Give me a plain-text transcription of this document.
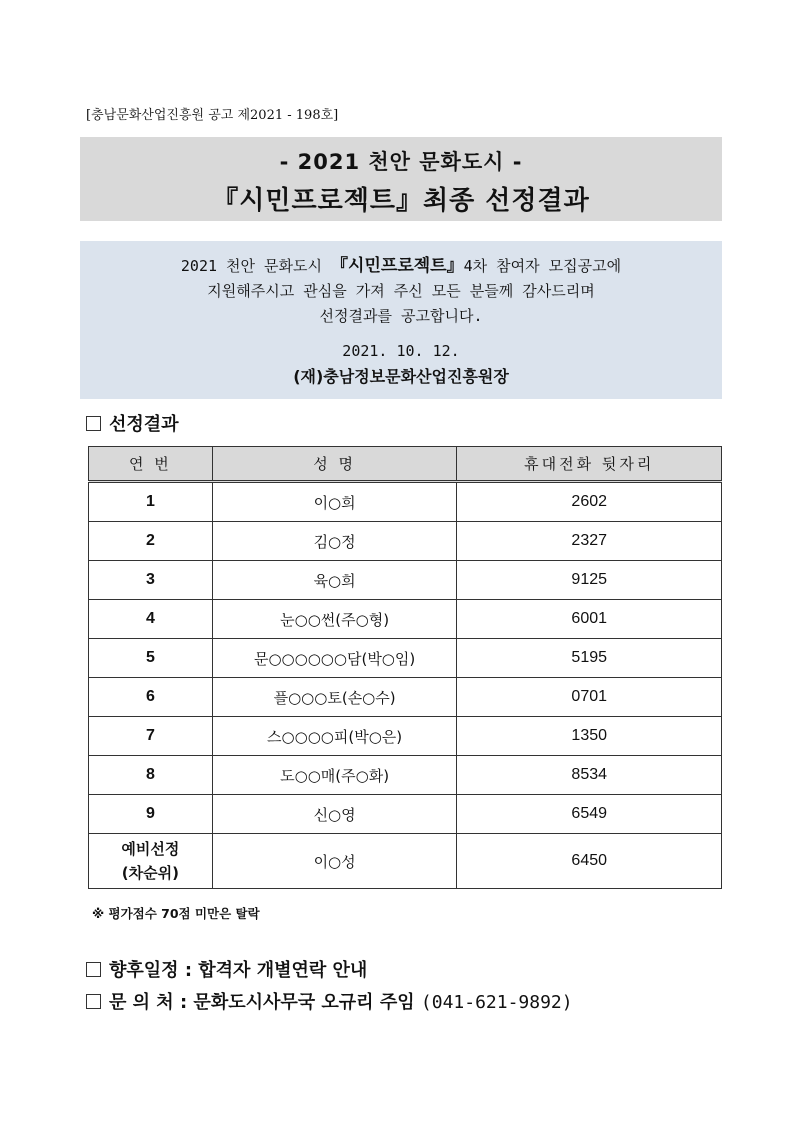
[충남문화산업진흥원 공고 제2021 - 198호]
- 2021 천안 문화도시 -
『시민프로젝트』최종 선정결과
2021 천안 문화도시 『시민프로젝트』4차 참여자 모집공고에
지원해주시고 관심을 가져 주신 모든 분들께 감사드리며
선정결과를 공고합니다.
2021. 10. 12.
(재)충남정보문화산업진흥원장
선정결과
연 번	성 명	휴대전화 뒷자리
1	이○희	2602
2	김○정	2327
3	육○희	9125
4	눈○○썬(주○형)	6001
5	문○○○○○○담(박○임)	5195
6	플○○○토(손○수)	0701
7	스○○○○피(박○은)	1350
8	도○○매(주○화)	8534
9	신○영	6549

예비선정
(차순위)	이○성	6450
※ 평가점수 70점 미만은 탈락
향후일정 : 합격자 개별연락 안내
문 의 처 : 문화도시사무국 오규리 주임 (041-621-9892)
